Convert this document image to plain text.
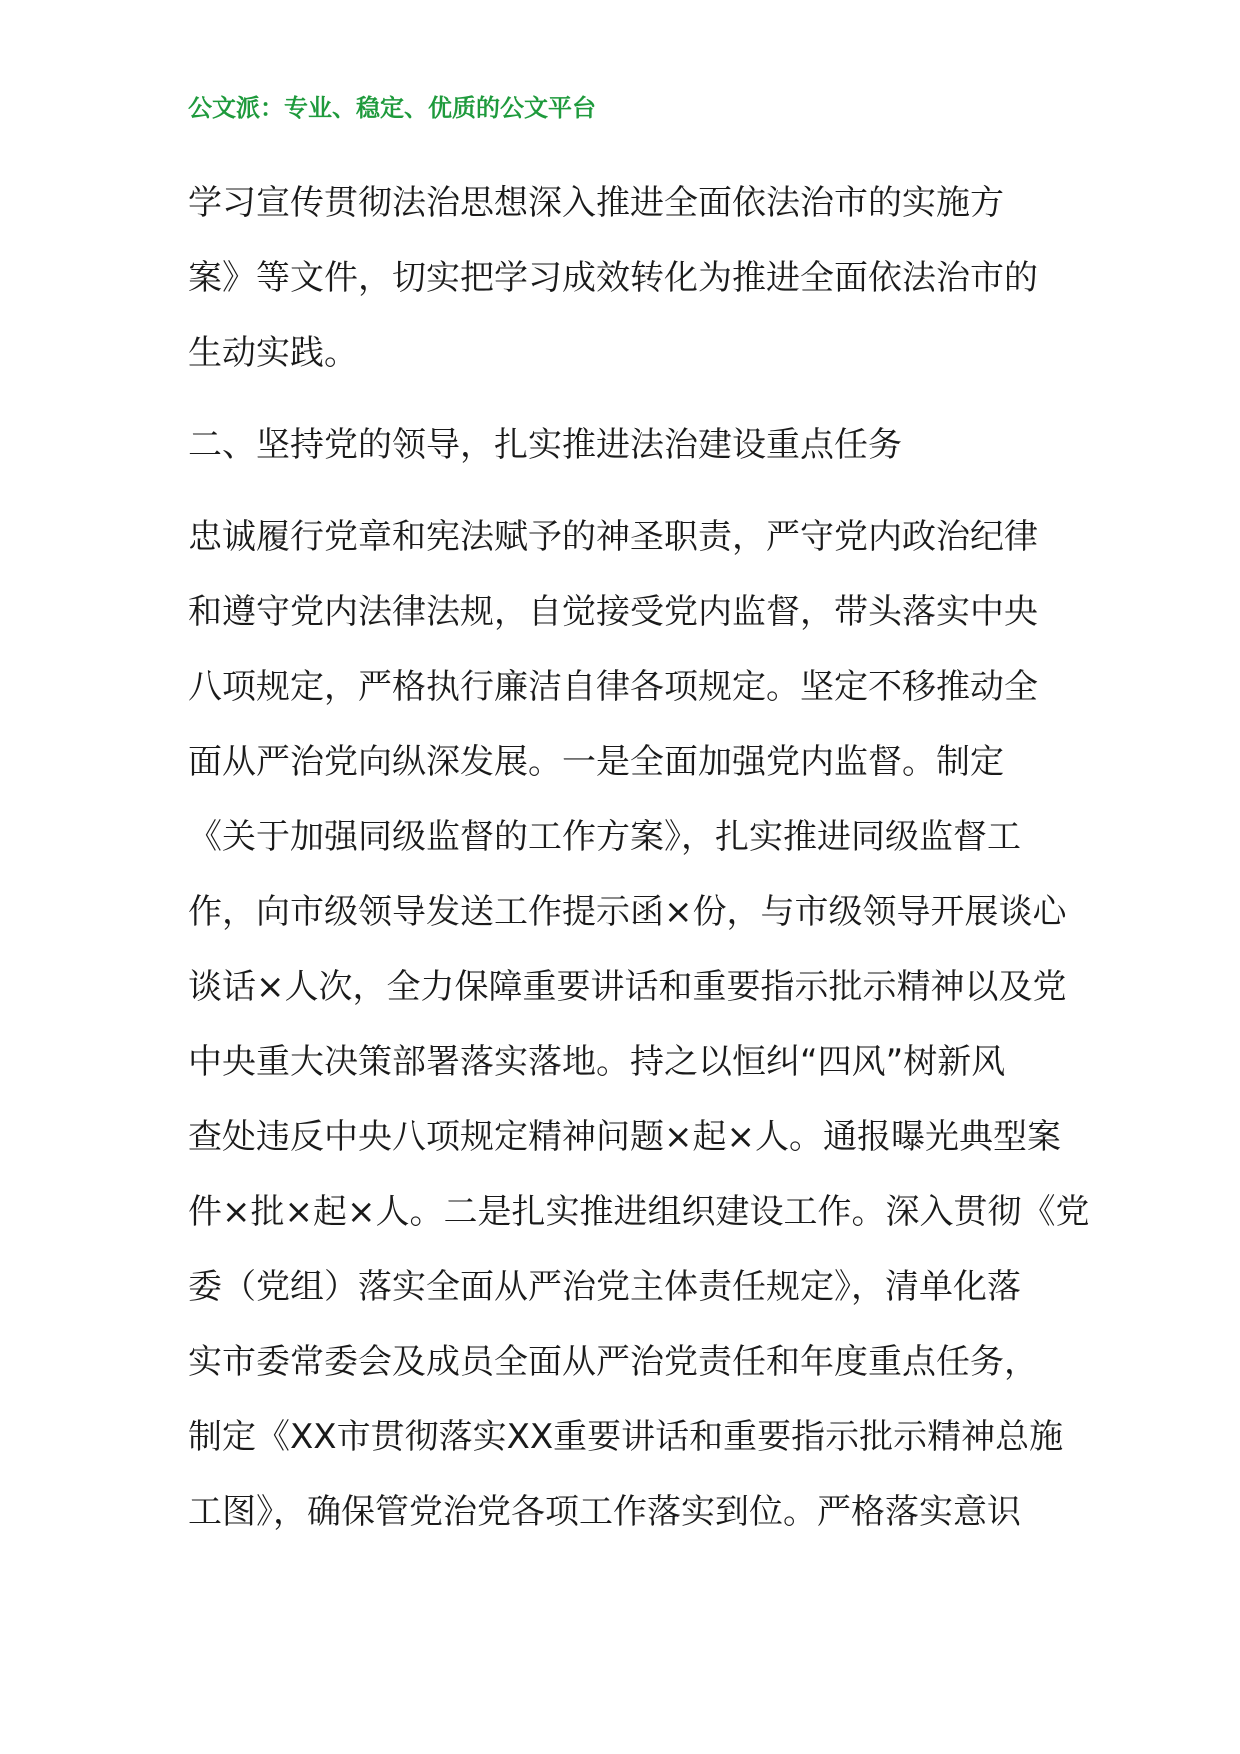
公文派：专业、稳定、优质的公文平台
学习宣传贯彻法治思想深入推进全面依法治市的实施方
案》等文件，切实把学习成效转化为推进全面依法治市的
生动实践。
二、坚持党的领导，扎实推进法治建设重点任务
忠诚履行党章和宪法赋予的神圣职责，严守党内政治纪律
和遵守党内法律法规，自觉接受党内监督，带头落实中央
八项规定，严格执行廉洁自律各项规定。坚定不移推动全
面从严治党向纵深发展。一是全面加强党内监督。制定
《关于加强同级监督的工作方案》，扎实推进同级监督工
作，向市级领导发送工作提示函×份，与市级领导开展谈心
谈话×人次，全力保障重要讲话和重要指示批示精神以及党
中央重大决策部署落实落地。持之以恒纠“四风”树新风
查处违反中央八项规定精神问题×起×人。通报曝光典型案
件×批×起×人。二是扎实推进组织建设工作。深入贯彻《党
委（党组）落实全面从严治党主体责任规定》，清单化落
实市委常委会及成员全面从严治党责任和年度重点任务，
制定《XX市贯彻落实XX重要讲话和重要指示批示精神总施
工图》，确保管党治党各项工作落实到位。严格落实意识
